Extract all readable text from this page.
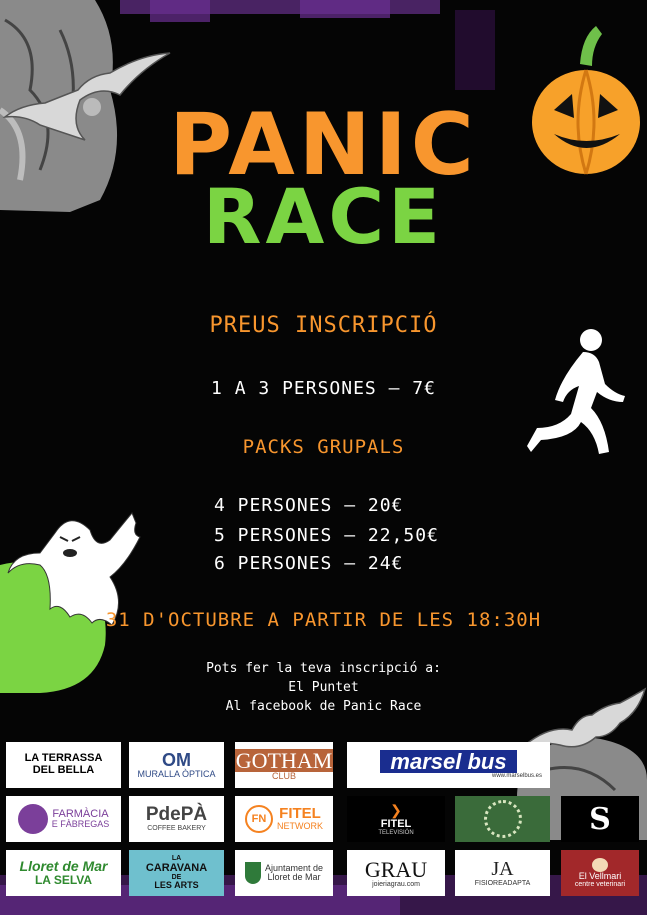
PANIC
RACE
PREUS INSCRIPCIÓ
1 A 3 PERSONES – 7€
PACKS GRUPALS
4 PERSONES – 20€
5 PERSONES – 22,50€
6 PERSONES – 24€
31 D'OCTUBRE A PARTIR DE LES 18:30H
Pots fer la teva inscripció a:
El Puntet
Al facebook de Panic Race
LA TERRASSA
DEL BELLA
OM
MURALLA ÒPTICA
GOTHAM
CLUB
marsel bus
www.marselbus.es
FARMÀCIA
E FÀBREGAS PdePÀ
COFFEE BAKERY
FN FITEL
NETWORK
❯
FITEL
TELEVISIÓN	S
Lloret de Mar
LA SELVA
LA
CARAVANA
DE
LES ARTS
Ajuntament de
Lloret de Mar GRAU
joieriagrau.com
JA
FISIOREADAPTA
El Vellmari
centre veterinari
